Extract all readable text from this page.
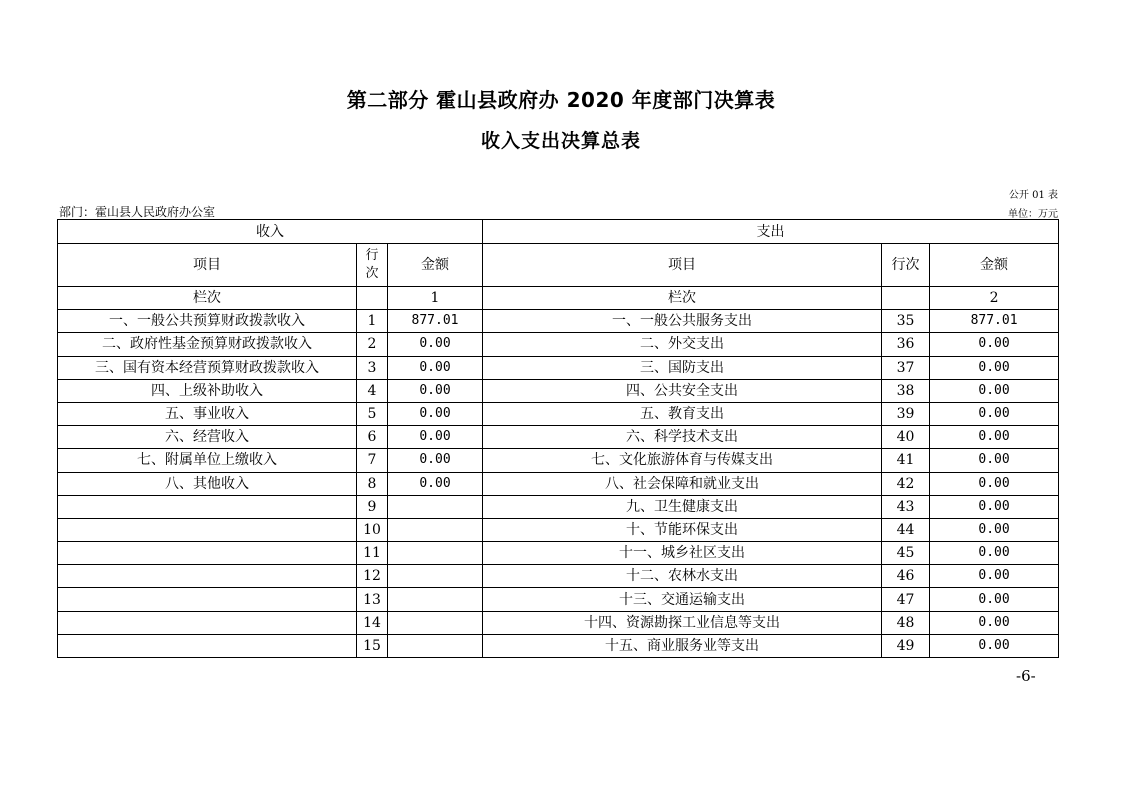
第二部分 霍山县政府办 2020 年度部门决算表
收入支出决算总表
公开 01 表
部门：霍山县人民政府办公室	单位：万元
收入			支出		
项目	行次	金额	项目	行次	金额
栏次		1	栏次		2
一、一般公共预算财政拨款收入	1	877.01	一、一般公共服务支出	35	877.01
二、政府性基金预算财政拨款收入	2	0.00	二、外交支出	36	0.00
三、国有资本经营预算财政拨款收入	3	0.00	三、国防支出	37	0.00
四、上级补助收入	4	0.00	四、公共安全支出	38	0.00
五、事业收入	5	0.00	五、教育支出	39	0.00
六、经营收入	6	0.00	六、科学技术支出	40	0.00
七、附属单位上缴收入	7	0.00	七、文化旅游体育与传媒支出	41	0.00
八、其他收入	8	0.00	八、社会保障和就业支出	42	0.00
	9		九、卫生健康支出	43	0.00
	10		十、节能环保支出	44	0.00
	11		十一、城乡社区支出	45	0.00
	12		十二、农林水支出	46	0.00
	13		十三、交通运输支出	47	0.00
	14		十四、资源勘探工业信息等支出	48	0.00
	15		十五、商业服务业等支出	49	0.00
-6-
